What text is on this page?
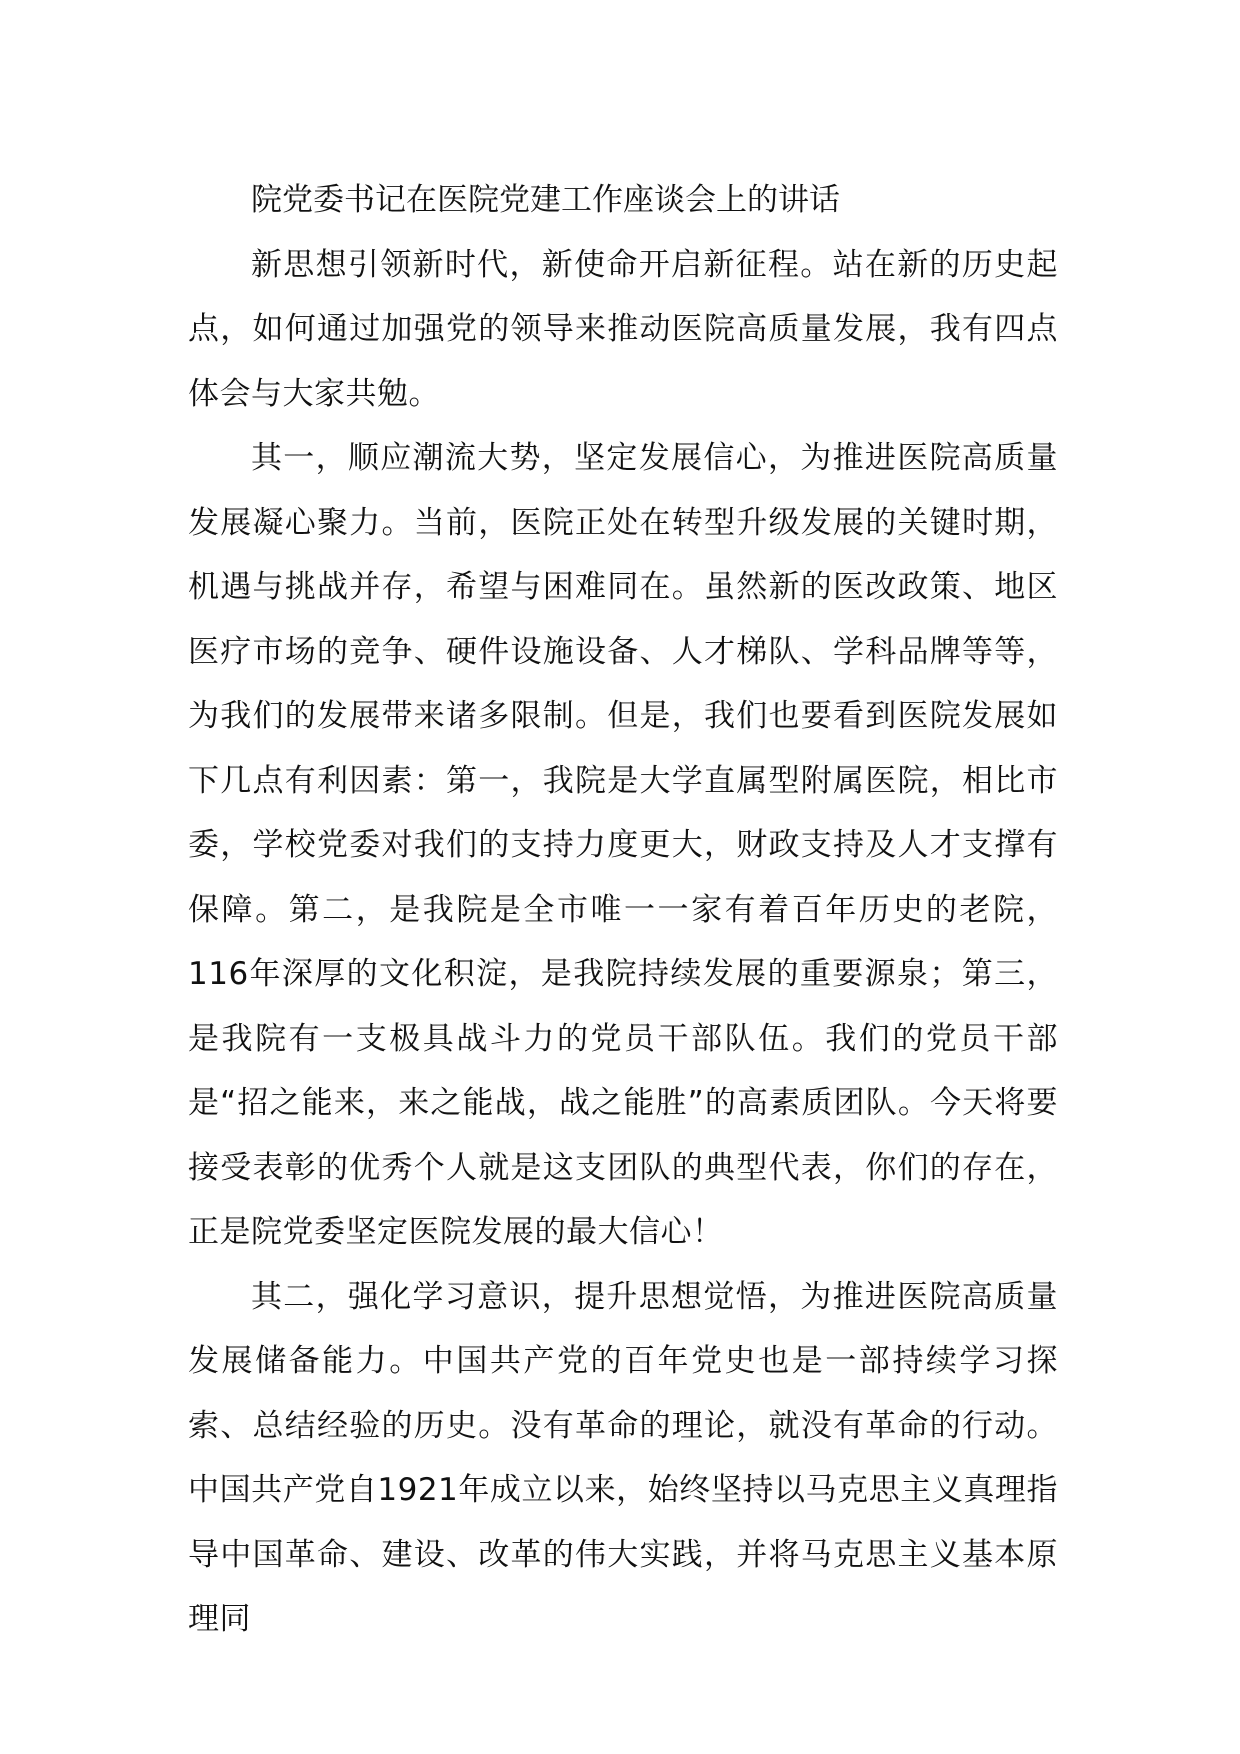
院党委书记在医院党建工作座谈会上的讲话

新思想引领新时代，新使命开启新征程。站在新的历史起点，如何通过加强党的领导来推动医院高质量发展，我有四点体会与大家共勉。

其一，顺应潮流大势，坚定发展信心，为推进医院高质量发展凝心聚力。当前，医院正处在转型升级发展的关键时期，机遇与挑战并存，希望与困难同在。虽然新的医改政策、地区医疗市场的竞争、硬件设施设备、人才梯队、学科品牌等等，为我们的发展带来诸多限制。但是，我们也要看到医院发展如下几点有利因素：第一，我院是大学直属型附属医院，相比市委，学校党委对我们的支持力度更大，财政支持及人才支撑有保障。第二，是我院是全市唯一一家有着百年历史的老院，116年深厚的文化积淀，是我院持续发展的重要源泉；第三，是我院有一支极具战斗力的党员干部队伍。我们的党员干部是“招之能来，来之能战，战之能胜”的高素质团队。今天将要接受表彰的优秀个人就是这支团队的典型代表，你们的存在，正是院党委坚定医院发展的最大信心！

其二，强化学习意识，提升思想觉悟，为推进医院高质量发展储备能力。中国共产党的百年党史也是一部持续学习探索、总结经验的历史。没有革命的理论，就没有革命的行动。中国共产党自1921年成立以来，始终坚持以马克思主义真理指导中国革命、建设、改革的伟大实践，并将马克思主义基本原理同
